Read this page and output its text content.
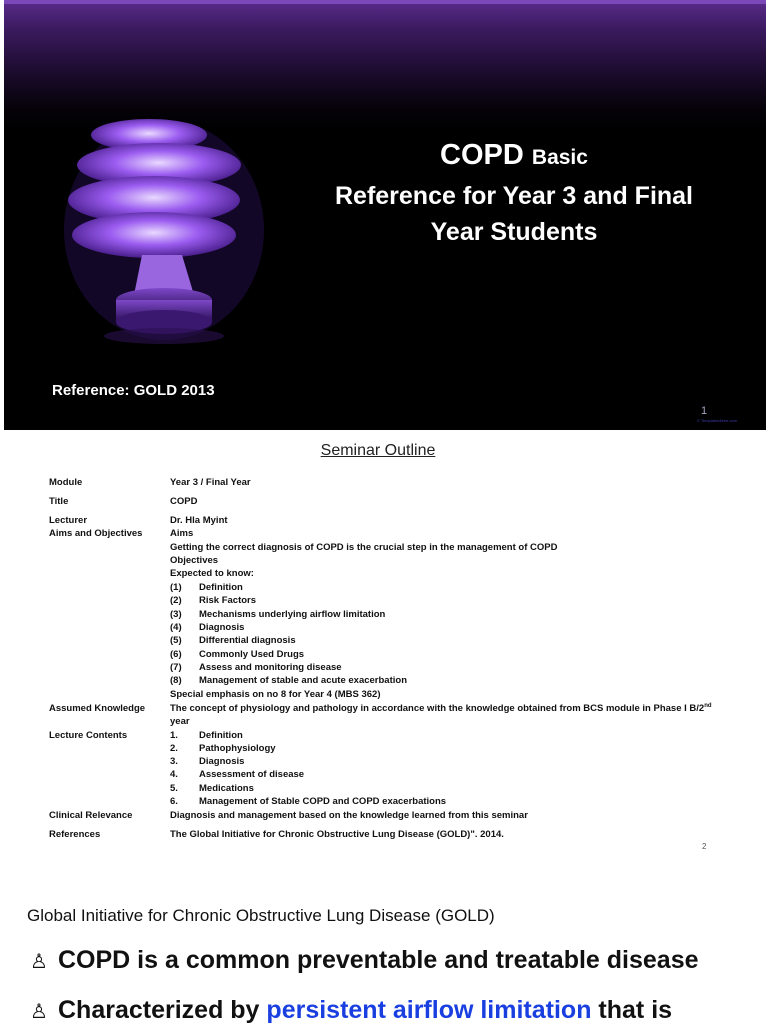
COPD Basic
Reference for Year 3 and Final
Year Students
Reference: GOLD 2013
1
© Templates4free.com
Seminar Outline
Module	Year 3 / Final Year
Title	COPD
Lecturer	Dr. Hla Myint
Aims and Objectives	Aims
Getting the correct diagnosis of COPD is the crucial step in the management of COPD
Objectives
Expected to know:
(1) Definition
(2) Risk Factors
(3) Mechanisms underlying airflow limitation
(4) Diagnosis
(5) Differential diagnosis
(6) Commonly Used Drugs
(7) Assess and monitoring disease
(8) Management of stable and acute exacerbation
Special emphasis on no 8 for Year 4 (MBS 362)
Assumed Knowledge	The concept of physiology and pathology in accordance with the knowledge obtained from BCS module in Phase I B/2nd
year
Lecture Contents	1. Definition
2. Pathophysiology
3. Diagnosis
4. Assessment of disease
5. Medications
6. Management of Stable COPD and COPD exacerbations
Clinical Relevance	Diagnosis and management based on the knowledge learned from this seminar
References	The Global Initiative for Chronic Obstructive Lung Disease (GOLD)". 2014.
2
Global Initiative for Chronic Obstructive Lung Disease (GOLD)
♙ COPD is a common preventable and treatable disease
♙ Characterized by persistent airflow limitation that is
